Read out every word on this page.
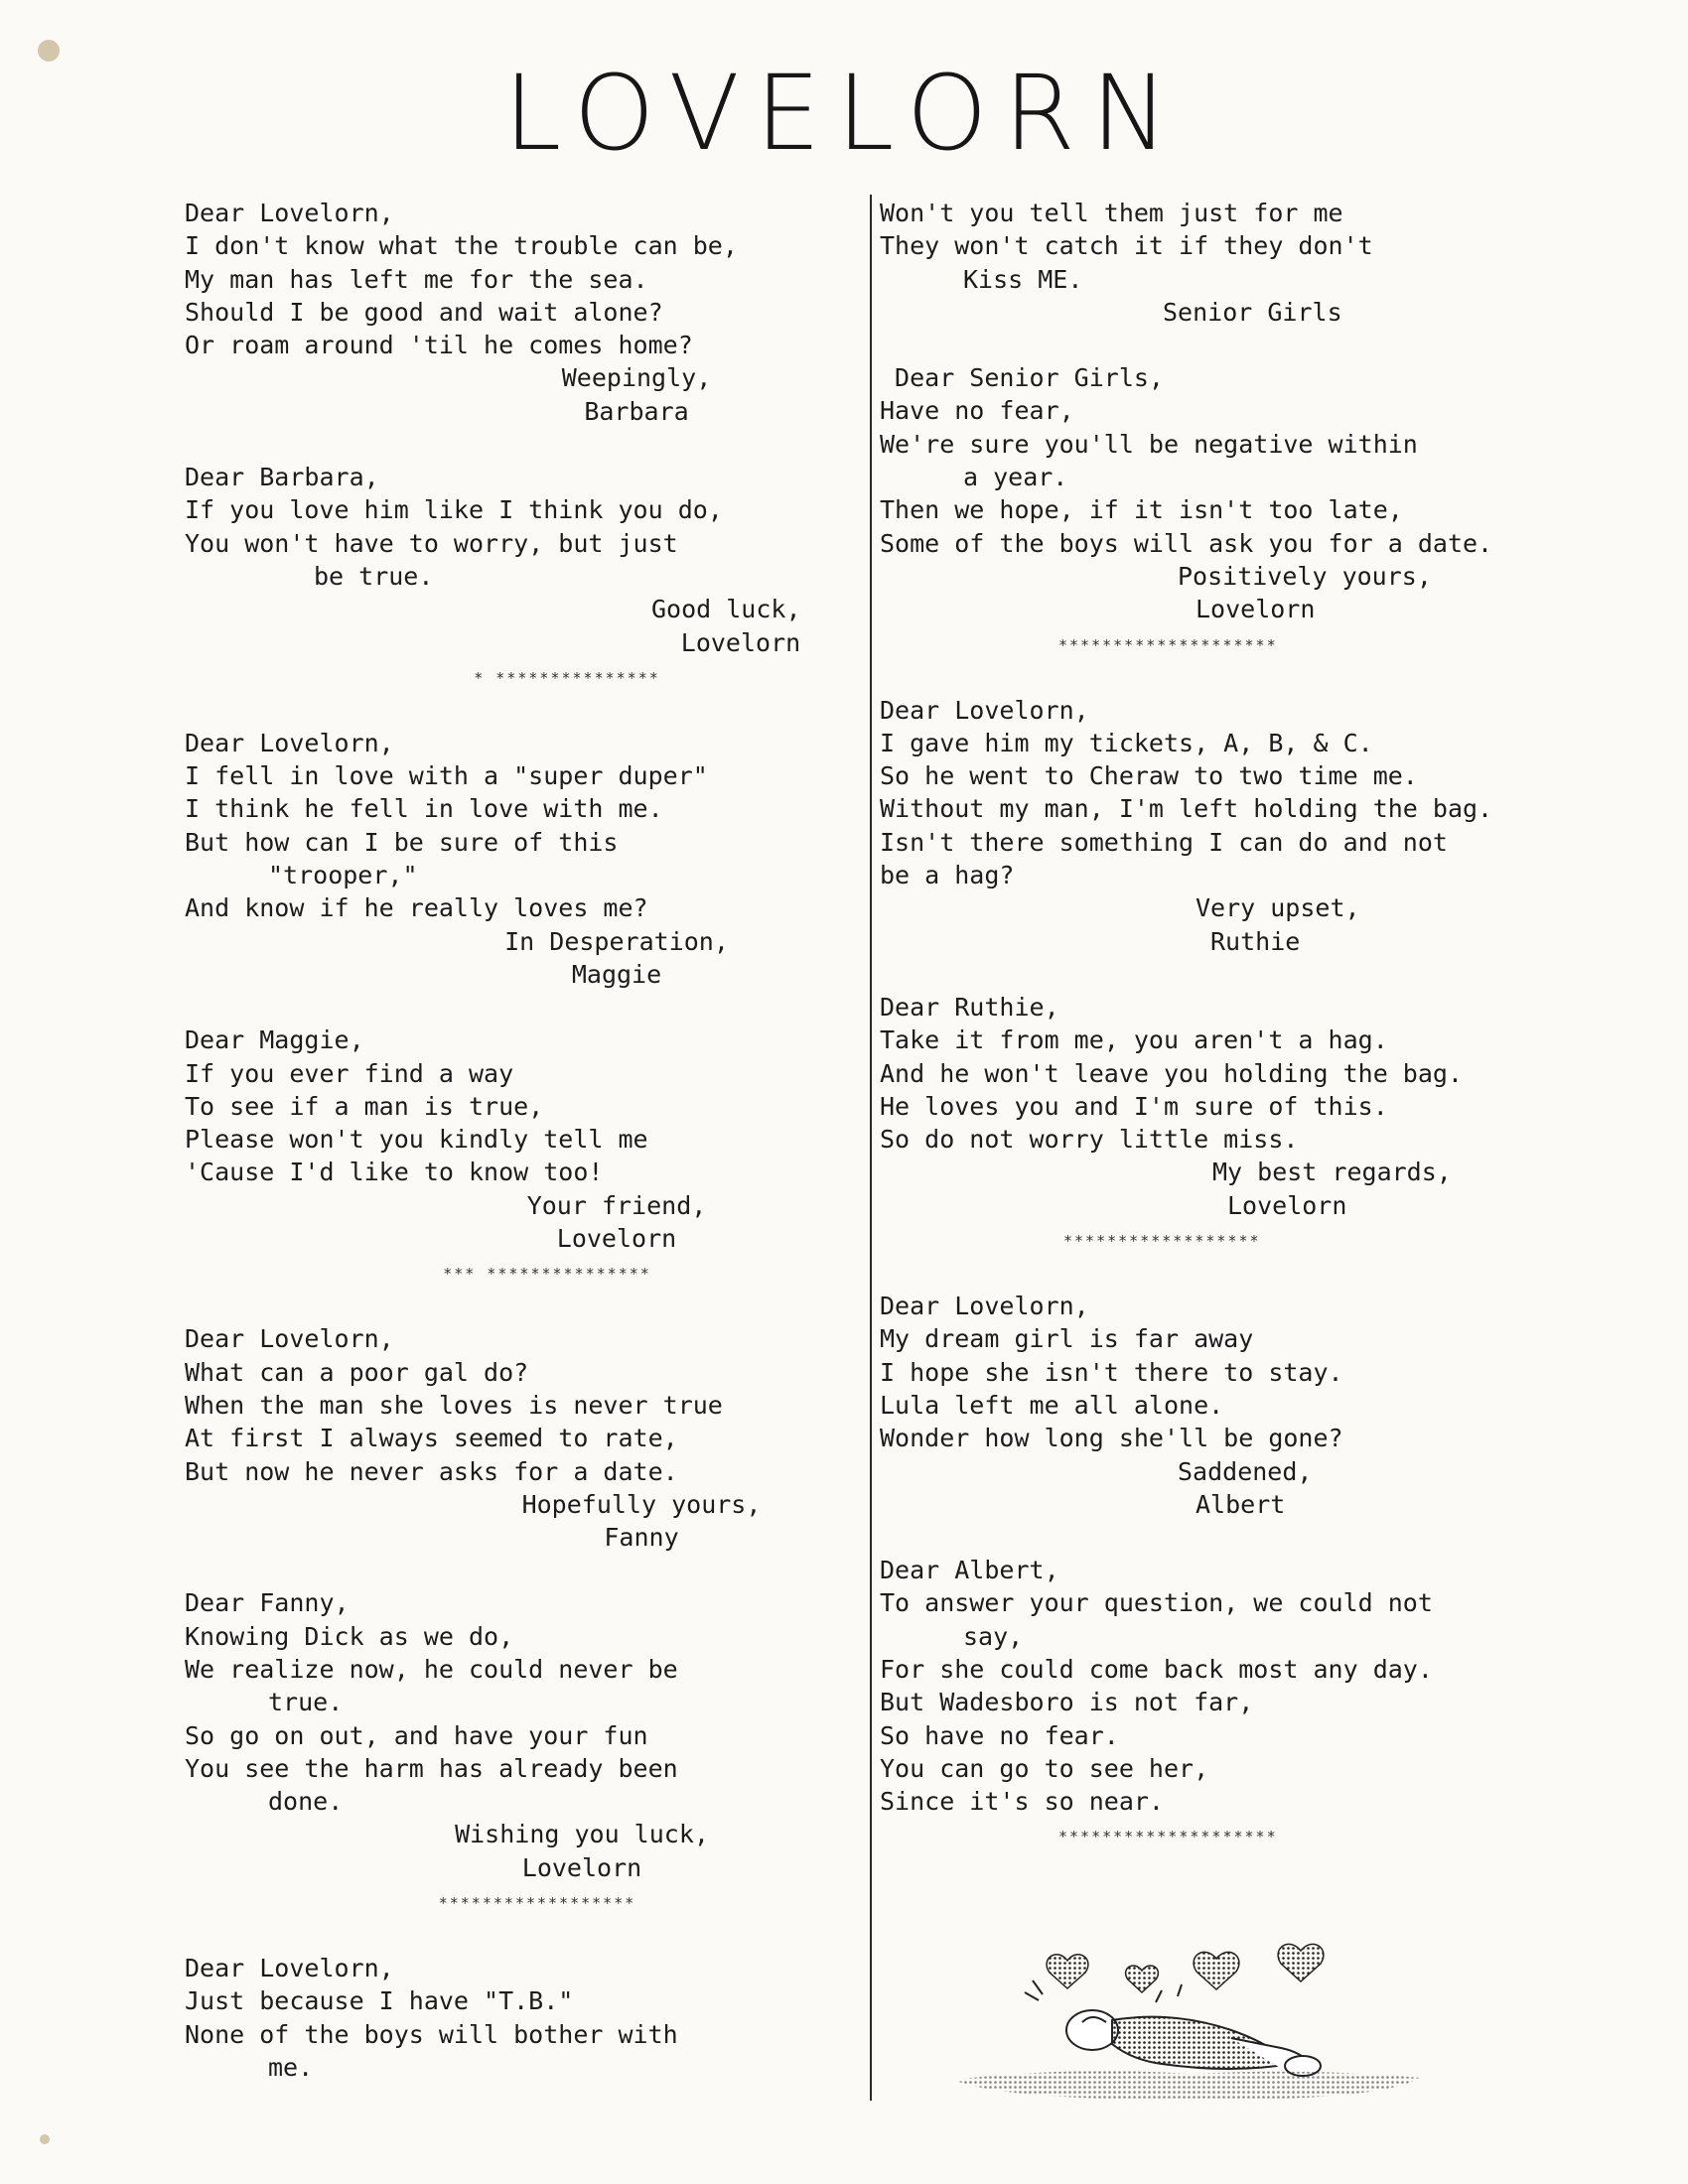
LOVELORN
Dear Lovelorn,
I don't know what the trouble can be,
My man has left me for the sea.
Should I be good and wait alone?
Or roam around 'til he comes home?
Weepingly,
Barbara
Dear Barbara,
If you love him like I think you do,
You won't have to worry, but just
be true.
Good luck,
Lovelorn
* ***************
Dear Lovelorn,
I fell in love with a "super duper"
I think he fell in love with me.
But how can I be sure of this
"trooper,"
And know if he really loves me?
In Desperation,
Maggie
Dear Maggie,
If you ever find a way
To see if a man is true,
Please won't you kindly tell me
'Cause I'd like to know too!
Your friend,
Lovelorn
*** ***************
Dear Lovelorn,
What can a poor gal do?
When the man she loves is never true
At first I always seemed to rate,
But now he never asks for a date.
Hopefully yours,
Fanny
Dear Fanny,
Knowing Dick as we do,
We realize now, he could never be
true.
So go on out, and have your fun
You see the harm has already been
done.
Wishing you luck,
Lovelorn
******************
Dear Lovelorn,
Just because I have "T.B."
None of the boys will bother with
me.
Won't you tell them just for me
They won't catch it if they don't
Kiss ME.
Senior Girls
Dear Senior Girls,
Have no fear,
We're sure you'll be negative within
a year.
Then we hope, if it isn't too late,
Some of the boys will ask you for a date.
Positively yours,
Lovelorn
********************
Dear Lovelorn,
I gave him my tickets, A, B, & C.
So he went to Cheraw to two time me.
Without my man, I'm left holding the bag.
Isn't there something I can do and not
be a hag?
Very upset,
Ruthie
Dear Ruthie,
Take it from me, you aren't a hag.
And he won't leave you holding the bag.
He loves you and I'm sure of this.
So do not worry little miss.
My best regards,
Lovelorn
******************
Dear Lovelorn,
My dream girl is far away
I hope she isn't there to stay.
Lula left me all alone.
Wonder how long she'll be gone?
Saddened,
Albert
Dear Albert,
To answer your question, we could not
say,
For she could come back most any day.
But Wadesboro is not far,
So have no fear.
You can go to see her,
Since it's so near.
********************
